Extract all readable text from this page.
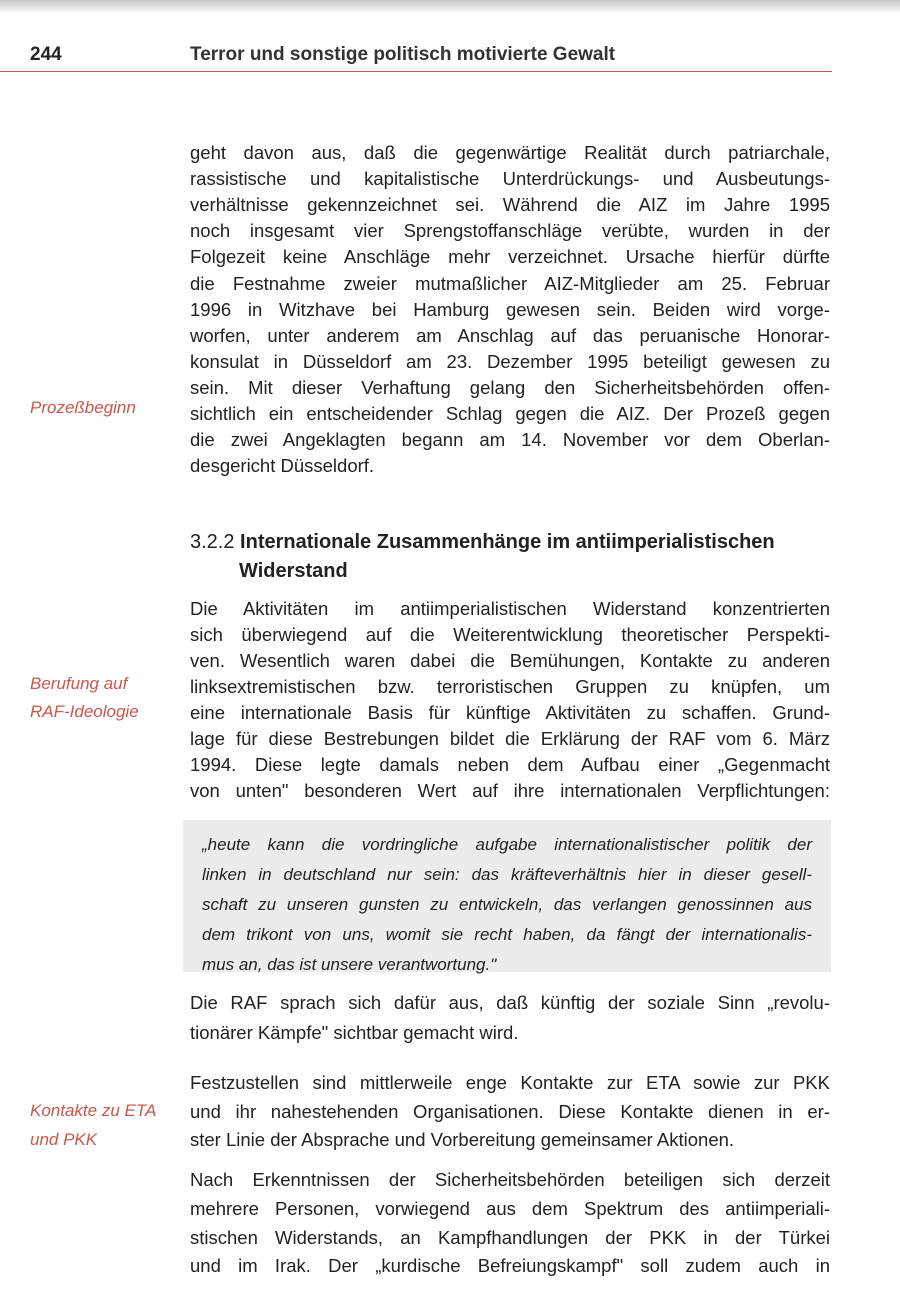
244	Terror und sonstige politisch motivierte Gewalt
geht davon aus, daß die gegenwärtige Realität durch patriarchale,
rassistische und kapitalistische Unterdrückungs- und Ausbeutungs-
verhältnisse gekennzeichnet sei. Während die AIZ im Jahre 1995
noch insgesamt vier Sprengstoffanschläge verübte, wurden in der
Folgezeit keine Anschläge mehr verzeichnet. Ursache hierfür dürfte
die Festnahme zweier mutmaßlicher AIZ-Mitglieder am 25. Februar
1996 in Witzhave bei Hamburg gewesen sein. Beiden wird vorge-
worfen, unter anderem am Anschlag auf das peruanische Honorar-
konsulat in Düsseldorf am 23. Dezember 1995 beteiligt gewesen zu
sein. Mit dieser Verhaftung gelang den Sicherheitsbehörden offen-
sichtlich ein entscheidender Schlag gegen die AIZ. Der Prozeß gegen
die zwei Angeklagten begann am 14. November vor dem Oberlan-
desgericht Düsseldorf.
Prozeßbeginn
3.2.2 Internationale Zusammenhänge im antiimperialistischen
Widerstand
Die Aktivitäten im antiimperialistischen Widerstand konzentrierten
sich überwiegend auf die Weiterentwicklung theoretischer Perspekti-
ven. Wesentlich waren dabei die Bemühungen, Kontakte zu anderen
linksextremistischen bzw. terroristischen Gruppen zu knüpfen, um
eine internationale Basis für künftige Aktivitäten zu schaffen. Grund-
lage für diese Bestrebungen bildet die Erklärung der RAF vom 6. März
1994. Diese legte damals neben dem Aufbau einer „Gegenmacht
von unten" besonderen Wert auf ihre internationalen Verpflichtungen:
Berufung auf
RAF-Ideologie
„heute kann die vordringliche aufgabe internationalistischer politik der
linken in deutschland nur sein: das kräfteverhältnis hier in dieser gesell-
schaft zu unseren gunsten zu entwickeln, das verlangen genossinnen aus
dem trikont von uns, womit sie recht haben, da fängt der internationalis-
mus an, das ist unsere verantwortung."
Die RAF sprach sich dafür aus, daß künftig der soziale Sinn „revolu-
tionärer Kämpfe" sichtbar gemacht wird.
Festzustellen sind mittlerweile enge Kontakte zur ETA sowie zur PKK
und ihr nahestehenden Organisationen. Diese Kontakte dienen in er-
ster Linie der Absprache und Vorbereitung gemeinsamer Aktionen.
Kontakte zu ETA
und PKK
Nach Erkenntnissen der Sicherheitsbehörden beteiligen sich derzeit
mehrere Personen, vorwiegend aus dem Spektrum des antiimperiali-
stischen Widerstands, an Kampfhandlungen der PKK in der Türkei
und im Irak. Der „kurdische Befreiungskampf" soll zudem auch in
